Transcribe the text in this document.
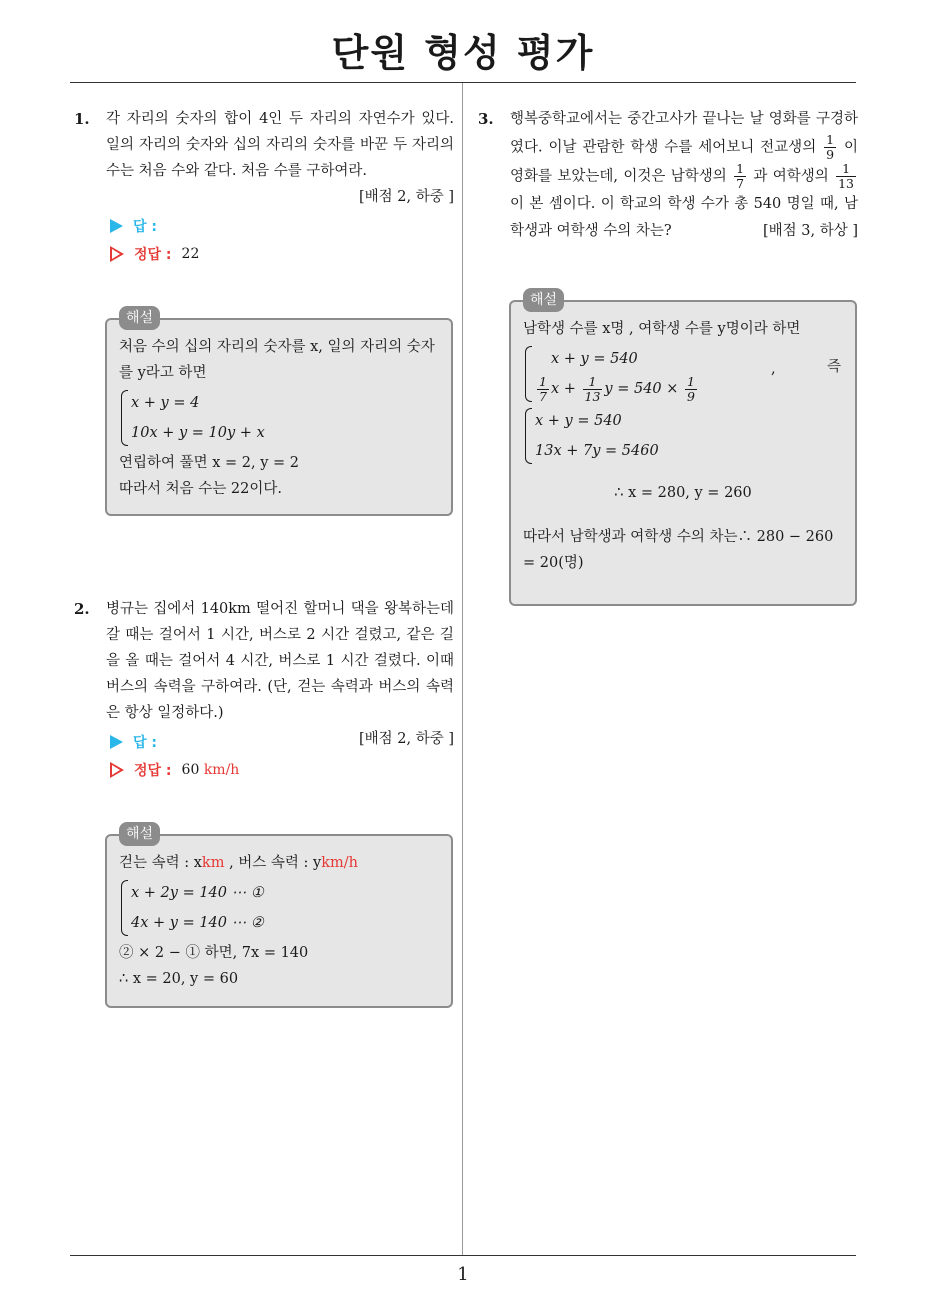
단원 형성 평가
1. 각 자리의 숫자의 합이 4인 두 자리의 자연수가 있다. 일의 자리의 숫자와 십의 자리의 숫자를 바꾼 두 자리의 수는 처음 수와 같다. 처음 수를 구하여라.
[배점 2, 하중 ]
답 :
정답 : 22
해설
처음 수의 십의 자리의 숫자를 x, 일의 자리의 숫자를 y라고 하면
x + y = 4
10x + y = 10y + x
연립하여 풀면 x = 2, y = 2
따라서 처음 수는 22이다.
2. 병규는 집에서 140km 떨어진 할머니 댁을 왕복하는데 갈 때는 걸어서 1 시간, 버스로 2 시간 걸렸고, 같은 길을 올 때는 걸어서 4 시간, 버스로 1 시간 걸렸다. 이때 버스의 속력을 구하여라. (단, 걷는 속력과 버스의 속력은 항상 일정하다.)
[배점 2, 하중 ]
답 :
정답 : 60 km/h
해설
걷는 속력 : xkm , 버스 속력 : ykm/h
x + 2y = 140 ⋯ ①
4x + y = 140 ⋯ ②
② × 2 − ① 하면, 7x = 140
∴ x = 20, y = 60
3. 행복중학교에서는 중간고사가 끝나는 날 영화를 구경하였다. 이날 관람한 학생 수를 세어보니 전교생의 $\frac{1}{9}$ 이 영화를 보았는데, 이것은 남학생의 $\frac{1}{7}$ 과 여학생의 $\frac{1}{13}$
이 본 셈이다. 이 학교의 학생 수가 총 540 명일 때, 남학생과 여학생 수의 차는?	[배점 3, 하상 ]
해설
남학생 수를 x명 , 여학생 수를 y명이라 하면
x + y = 540
$\frac{1}{7}$ $x + \frac{1}{13}$ $y = 540 \times \frac{1}{9}$
,	즉
x + y = 540
13x + 7y = 5460
∴ x = 280, y = 260
따라서 남학생과 여학생 수의 차는∴ 280 − 260 = 20(명)
1
